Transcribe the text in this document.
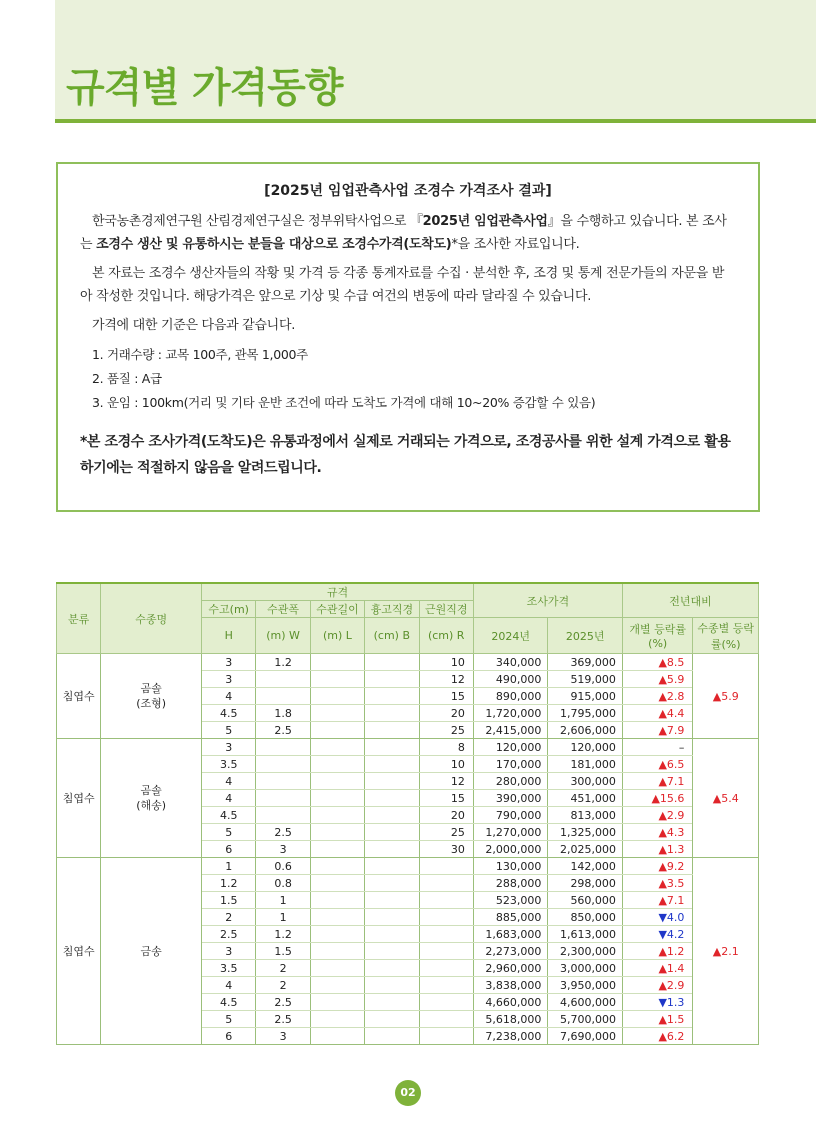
규격별 가격동향
[2025년 임업관측사업 조경수 가격조사 결과]

한국농촌경제연구원 산림경제연구실은 정부위탁사업으로 『2025년 임업관측사업』을 수행하고 있습니다. 본 조사는 조경수 생산 및 유통하시는 분들을 대상으로 조경수가격(도착도)*을 조사한 자료입니다.

본 자료는 조경수 생산자들의 작황 및 가격 등 각종 통계자료를 수집 · 분석한 후, 조경 및 통계 전문가들의 자문을 받아 작성한 것입니다. 해당가격은 앞으로 기상 및 수급 여건의 변동에 따라 달라질 수 있습니다.

가격에 대한 기준은 다음과 같습니다.

1. 거래수량 : 교목 100주, 관목 1,000주
2. 품질 : A급
3. 운임 : 100km(거리 및 기타 운반 조건에 따라 도착도 가격에 대해 10~20% 증감할 수 있음)
*본 조경수 조사가격(도착도)은 유통과정에서 실제로 거래되는 가격으로, 조경공사를 위한 설계 가격으로 활용하기에는 적절하지 않음을 알려드립니다.
분류	수종명	규격					조사가격		전년대비	
		수고(m)	수관폭	수관길이	흉고직경	근원직경				
		H	(m) W	(m) L	(cm) B	(cm) R	2024년	2025년	개별 등락률(%)	수종별 등락률(%)
침엽수	곰솔
(조형)	3	1.2			10	340,000	369,000	▲8.5	▲5.9
		3				12	490,000	519,000	▲5.9	
		4				15	890,000	915,000	▲2.8	
		4.5	1.8			20	1,720,000	1,795,000	▲4.4	
		5	2.5			25	2,415,000	2,606,000	▲7.9	
침엽수	곰솔
(해송)	3				8	120,000	120,000	–	▲5.4
		3.5				10	170,000	181,000	▲6.5	
		4				12	280,000	300,000	▲7.1	
		4				15	390,000	451,000	▲15.6	
		4.5				20	790,000	813,000	▲2.9	
		5	2.5			25	1,270,000	1,325,000	▲4.3	
		6	3			30	2,000,000	2,025,000	▲1.3	
침엽수	금송	1	0.6				130,000	142,000	▲9.2	▲2.1
		1.2	0.8				288,000	298,000	▲3.5	
		1.5	1				523,000	560,000	▲7.1	
		2	1				885,000	850,000	▼4.0	
		2.5	1.2				1,683,000	1,613,000	▼4.2	
		3	1.5				2,273,000	2,300,000	▲1.2	
		3.5	2				2,960,000	3,000,000	▲1.4	
		4	2				3,838,000	3,950,000	▲2.9	
		4.5	2.5				4,660,000	4,600,000	▼1.3	
		5	2.5				5,618,000	5,700,000	▲1.5	
		6	3				7,238,000	7,690,000	▲6.2	
02
